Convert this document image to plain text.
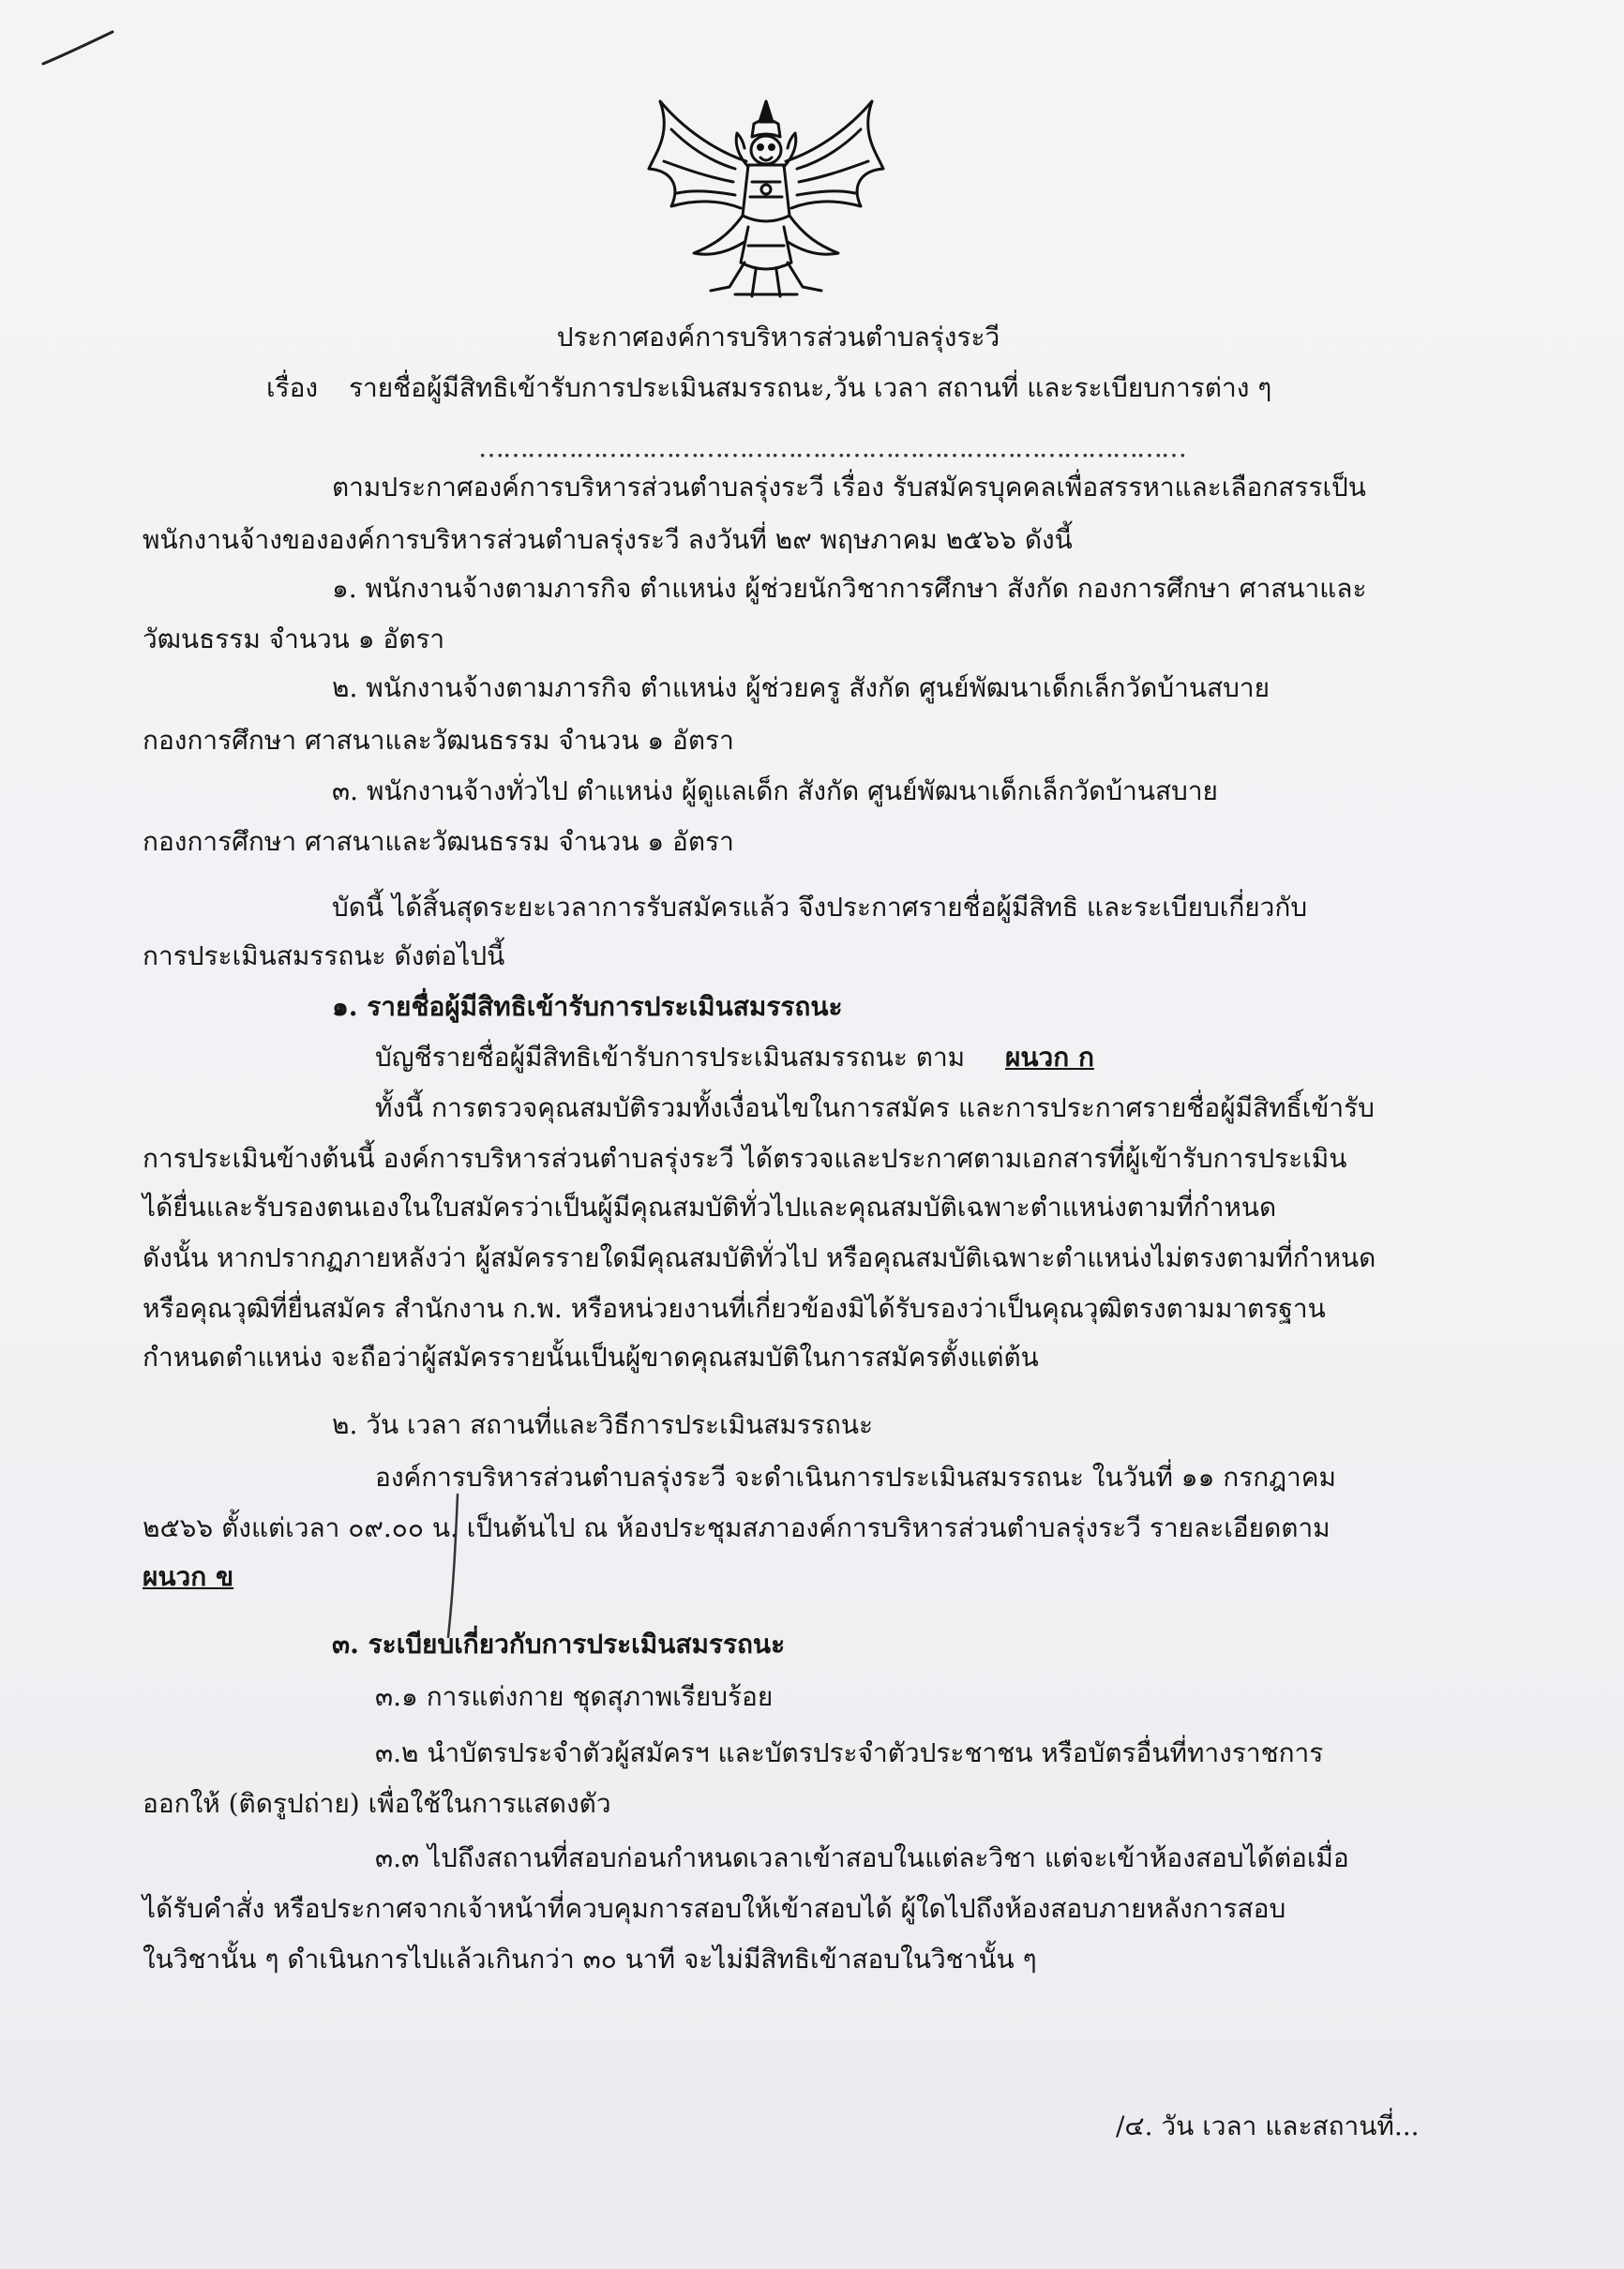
ประกาศองค์การบริหารส่วนตำบลรุ่งระวี
เรื่อง รายชื่อผู้มีสิทธิเข้ารับการประเมินสมรรถนะ,วัน เวลา สถานที่ และระเบียบการต่าง ๆ
……………………………………………………………………………
ตามประกาศองค์การบริหารส่วนตำบลรุ่งระวี เรื่อง รับสมัครบุคคลเพื่อสรรหาและเลือกสรรเป็น
พนักงานจ้างขององค์การบริหารส่วนตำบลรุ่งระวี ลงวันที่ ๒๙ พฤษภาคม ๒๕๖๖ ดังนี้
๑. พนักงานจ้างตามภารกิจ ตำแหน่ง ผู้ช่วยนักวิชาการศึกษา สังกัด กองการศึกษา ศาสนาและ
วัฒนธรรม จำนวน ๑ อัตรา
๒. พนักงานจ้างตามภารกิจ ตำแหน่ง ผู้ช่วยครู สังกัด ศูนย์พัฒนาเด็กเล็กวัดบ้านสบาย
กองการศึกษา ศาสนาและวัฒนธรรม จำนวน ๑ อัตรา
๓. พนักงานจ้างทั่วไป ตำแหน่ง ผู้ดูแลเด็ก สังกัด ศูนย์พัฒนาเด็กเล็กวัดบ้านสบาย
กองการศึกษา ศาสนาและวัฒนธรรม จำนวน ๑ อัตรา
บัดนี้ ได้สิ้นสุดระยะเวลาการรับสมัครแล้ว จึงประกาศรายชื่อผู้มีสิทธิ และระเบียบเกี่ยวกับ
การประเมินสมรรถนะ ดังต่อไปนี้
๑. รายชื่อผู้มีสิทธิเข้ารับการประเมินสมรรถนะ
บัญชีรายชื่อผู้มีสิทธิเข้ารับการประเมินสมรรถนะ ตาม ผนวก ก
ทั้งนี้ การตรวจคุณสมบัติรวมทั้งเงื่อนไขในการสมัคร และการประกาศรายชื่อผู้มีสิทธิ์เข้ารับ
การประเมินข้างต้นนี้ องค์การบริหารส่วนตำบลรุ่งระวี ได้ตรวจและประกาศตามเอกสารที่ผู้เข้ารับการประเมิน
ได้ยื่นและรับรองตนเองในใบสมัครว่าเป็นผู้มีคุณสมบัติทั่วไปและคุณสมบัติเฉพาะตำแหน่งตามที่กำหนด
ดังนั้น หากปรากฏภายหลังว่า ผู้สมัครรายใดมีคุณสมบัติทั่วไป หรือคุณสมบัติเฉพาะตำแหน่งไม่ตรงตามที่กำหนด
หรือคุณวุฒิที่ยื่นสมัคร สำนักงาน ก.พ. หรือหน่วยงานที่เกี่ยวข้องมิได้รับรองว่าเป็นคุณวุฒิตรงตามมาตรฐาน
กำหนดตำแหน่ง จะถือว่าผู้สมัครรายนั้นเป็นผู้ขาดคุณสมบัติในการสมัครตั้งแต่ต้น
๒. วัน เวลา สถานที่และวิธีการประเมินสมรรถนะ
องค์การบริหารส่วนตำบลรุ่งระวี จะดำเนินการประเมินสมรรถนะ ในวันที่ ๑๑ กรกฎาคม
๒๕๖๖ ตั้งแต่เวลา ๐๙.๐๐ น. เป็นต้นไป ณ ห้องประชุมสภาองค์การบริหารส่วนตำบลรุ่งระวี รายละเอียดตาม
ผนวก ข
๓. ระเบียบเกี่ยวกับการประเมินสมรรถนะ
๓.๑ การแต่งกาย ชุดสุภาพเรียบร้อย
๓.๒ นำบัตรประจำตัวผู้สมัครฯ และบัตรประจำตัวประชาชน หรือบัตรอื่นที่ทางราชการ
ออกให้ (ติดรูปถ่าย) เพื่อใช้ในการแสดงตัว
๓.๓ ไปถึงสถานที่สอบก่อนกำหนดเวลาเข้าสอบในแต่ละวิชา แต่จะเข้าห้องสอบได้ต่อเมื่อ
ได้รับคำสั่ง หรือประกาศจากเจ้าหน้าที่ควบคุมการสอบให้เข้าสอบได้ ผู้ใดไปถึงห้องสอบภายหลังการสอบ
ในวิชานั้น ๆ ดำเนินการไปแล้วเกินกว่า ๓๐ นาที จะไม่มีสิทธิเข้าสอบในวิชานั้น ๆ
/๔. วัน เวลา และสถานที่...
